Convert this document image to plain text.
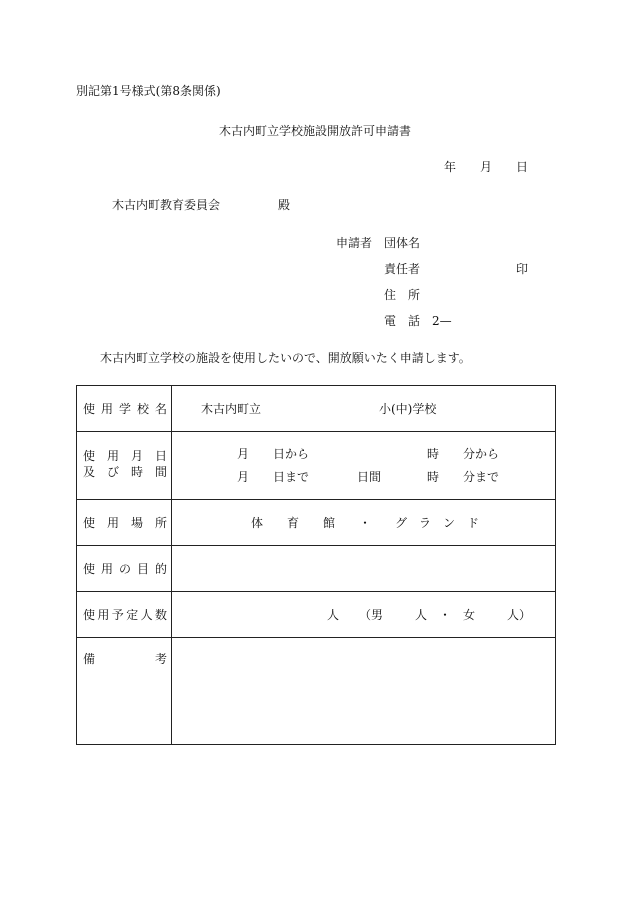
別記第1号様式(第8条関係)
木古内町立学校施設開放許可申請書
年 月 日
木古内町教育委員会	殿
申請者 団体名
責任者	印
住　所
電　話 2—
木古内町立学校の施設を使用したいので、開放願いたく申請します。
使用学校名	木古内町立	小(中)学校
使用月日
及び時間
月 日から	時 分から
月 日まで	日間	時 分まで
使用場所	体　　育　　館 ・ グ　ラ　ン　ド
使用の目的
使用予定人数	人 （男	人 ・ 女	人）
備	考
